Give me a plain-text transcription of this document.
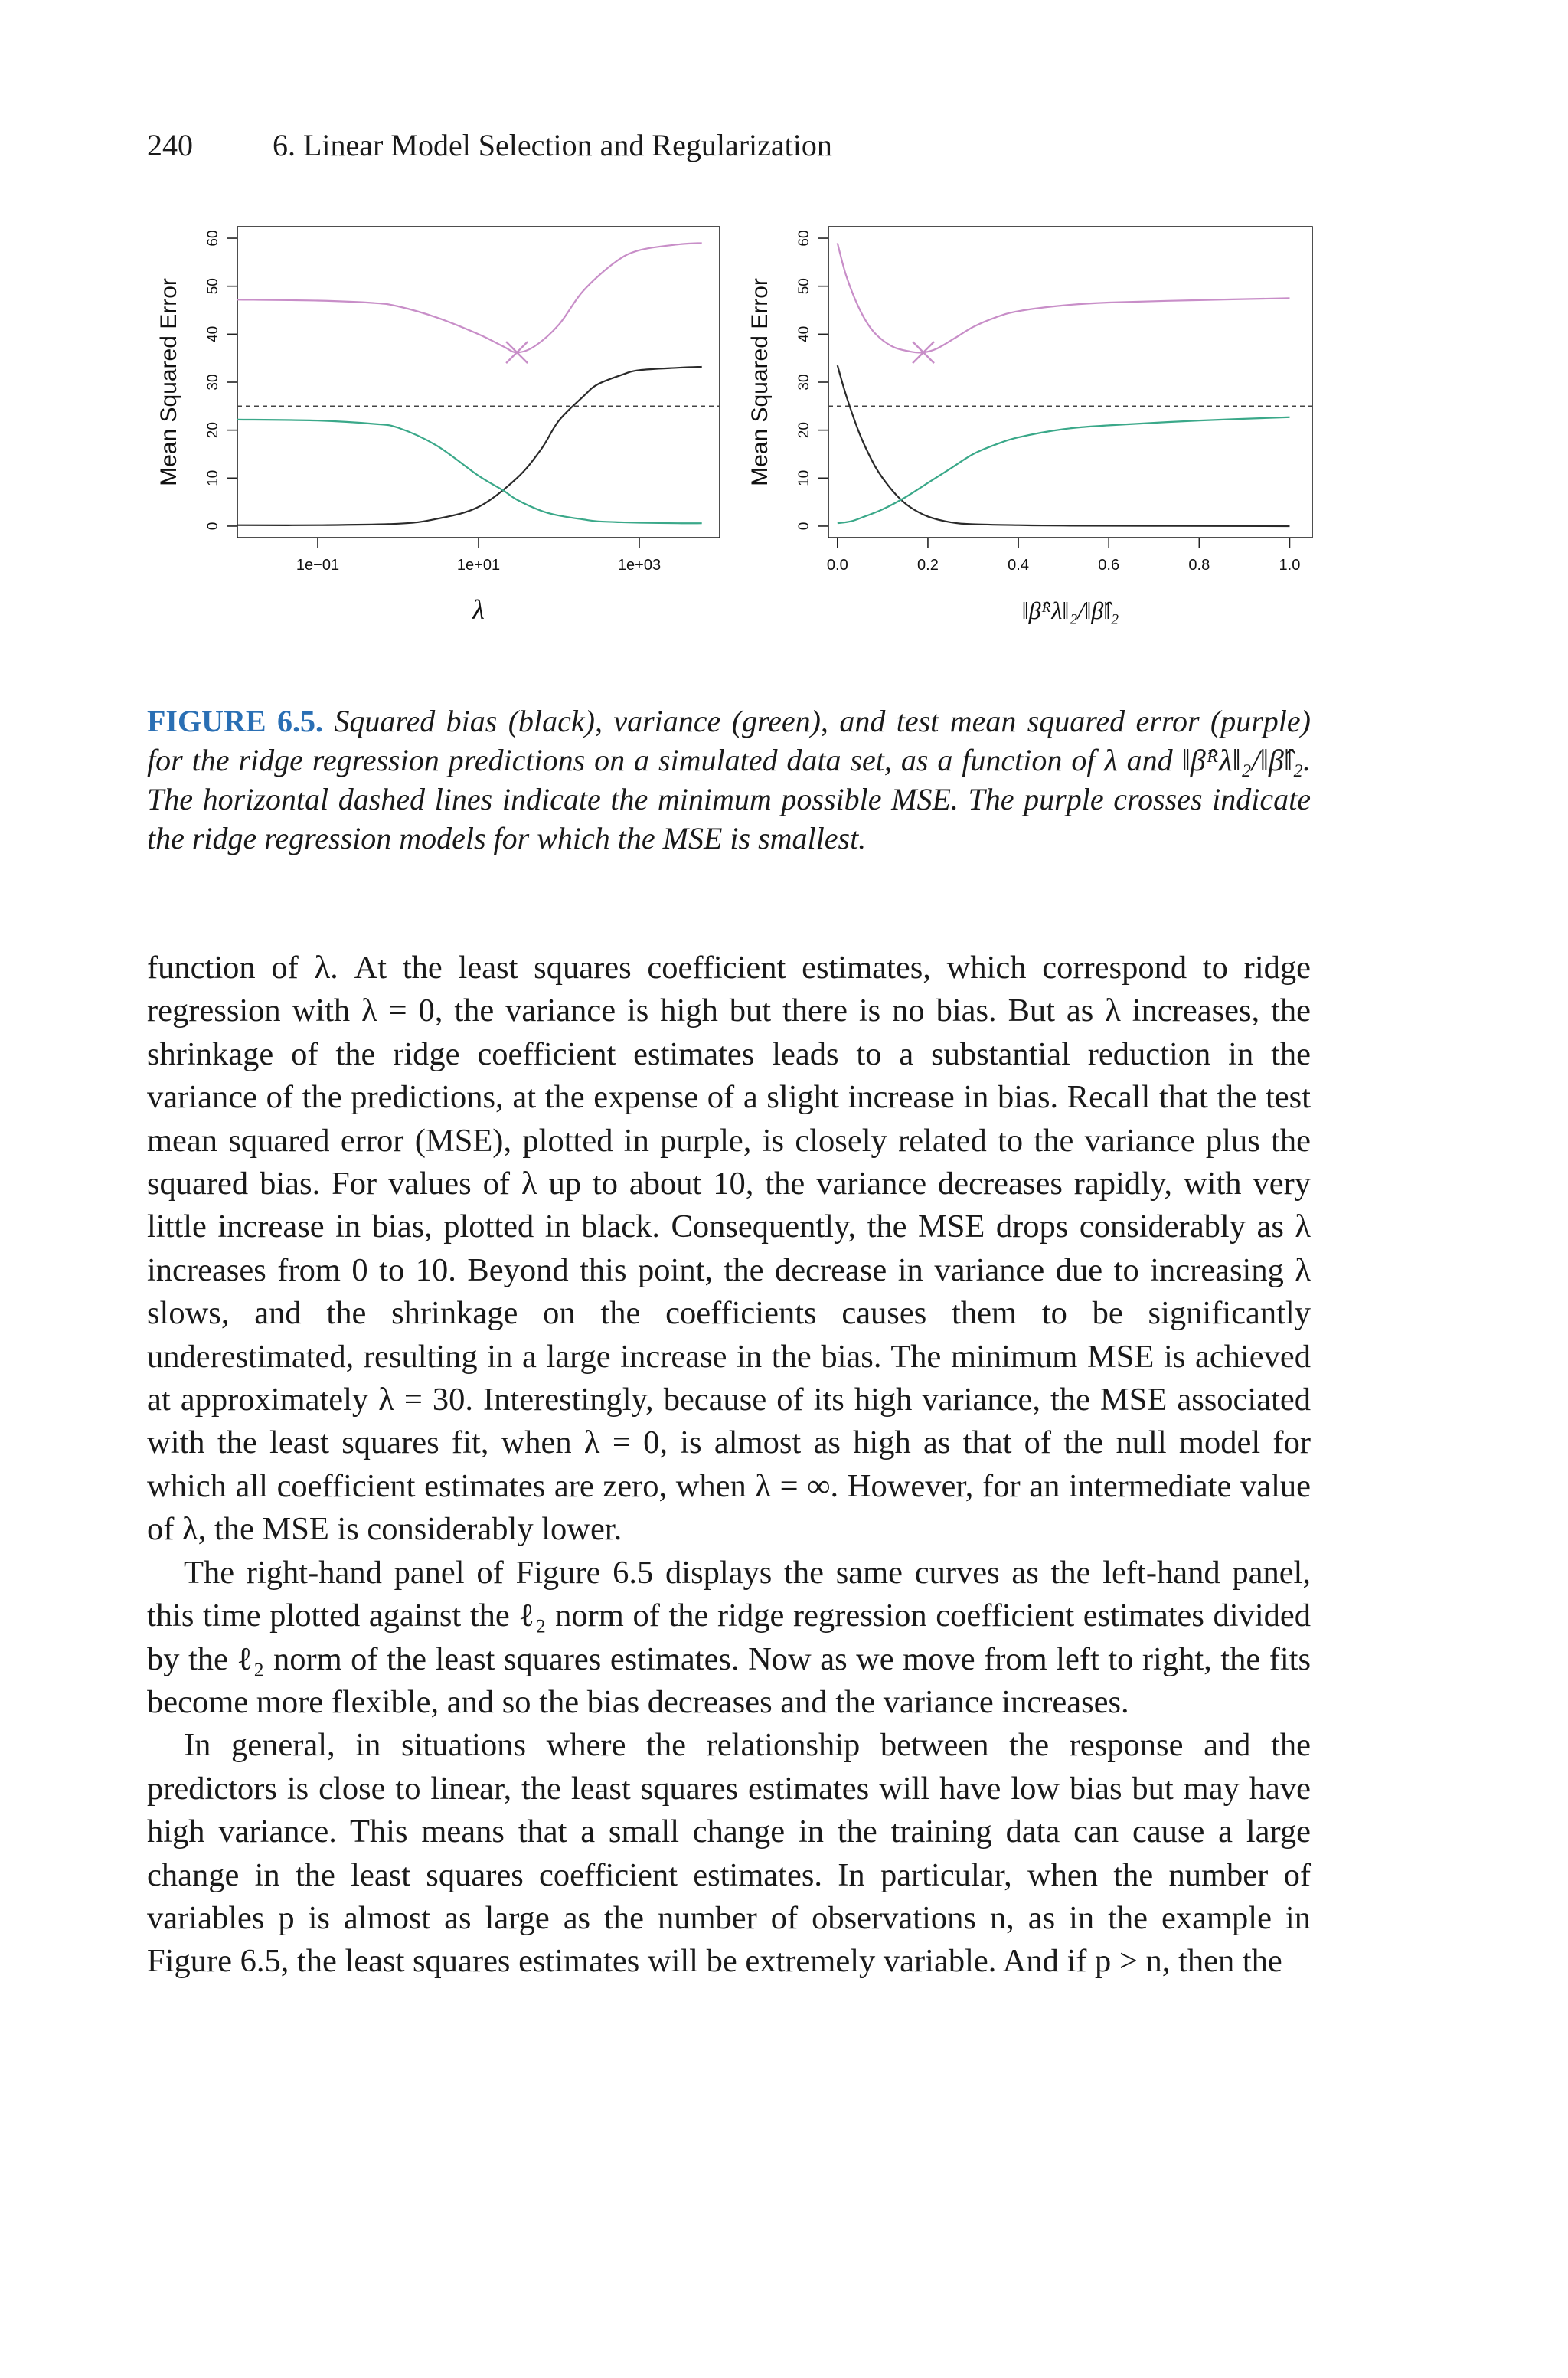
240	6. Linear Model Selection and Regularization
0
10
20
30
40
50
60
Mean Squared Error
1e−01	1e+01	1e+03
λ
0
10
20
30
40
50
60
Mean Squared Error
0.0	0.2	0.4	0.6	0.8	1.0
‖β̂ᴿλ‖₂/‖β̂‖₂
FIGURE 6.5. Squared bias (black), variance (green), and test mean squared error (purple) for the ridge regression predictions on a simulated data set, as a function of λ and ‖β̂ᴿλ‖₂/‖β̂‖₂. The horizontal dashed lines indicate the minimum possible MSE. The purple crosses indicate the ridge regression models for which the MSE is smallest.

function of λ. At the least squares coefficient estimates, which correspond to ridge regression with λ = 0, the variance is high but there is no bias. But as λ increases, the shrinkage of the ridge coefficient estimates leads to a substantial reduction in the variance of the predictions, at the expense of a slight increase in bias. Recall that the test mean squared error (MSE), plotted in purple, is closely related to the variance plus the squared bias. For values of λ up to about 10, the variance decreases rapidly, with very little increase in bias, plotted in black. Consequently, the MSE drops considerably as λ increases from 0 to 10. Beyond this point, the decrease in variance due to increasing λ slows, and the shrinkage on the coefficients causes them to be significantly underestimated, resulting in a large increase in the bias. The minimum MSE is achieved at approximately λ = 30. Interestingly, because of its high variance, the MSE associated with the least squares fit, when λ = 0, is almost as high as that of the null model for which all coefficient estimates are zero, when λ = ∞. However, for an intermediate value of λ, the MSE is considerably lower.

The right-hand panel of Figure 6.5 displays the same curves as the left-hand panel, this time plotted against the ℓ₂ norm of the ridge regression coefficient estimates divided by the ℓ₂ norm of the least squares estimates. Now as we move from left to right, the fits become more flexible, and so the bias decreases and the variance increases.

In general, in situations where the relationship between the response and the predictors is close to linear, the least squares estimates will have low bias but may have high variance. This means that a small change in the training data can cause a large change in the least squares coefficient estimates. In particular, when the number of variables p is almost as large as the number of observations n, as in the example in Figure 6.5, the least squares estimates will be extremely variable. And if p > n, then the
